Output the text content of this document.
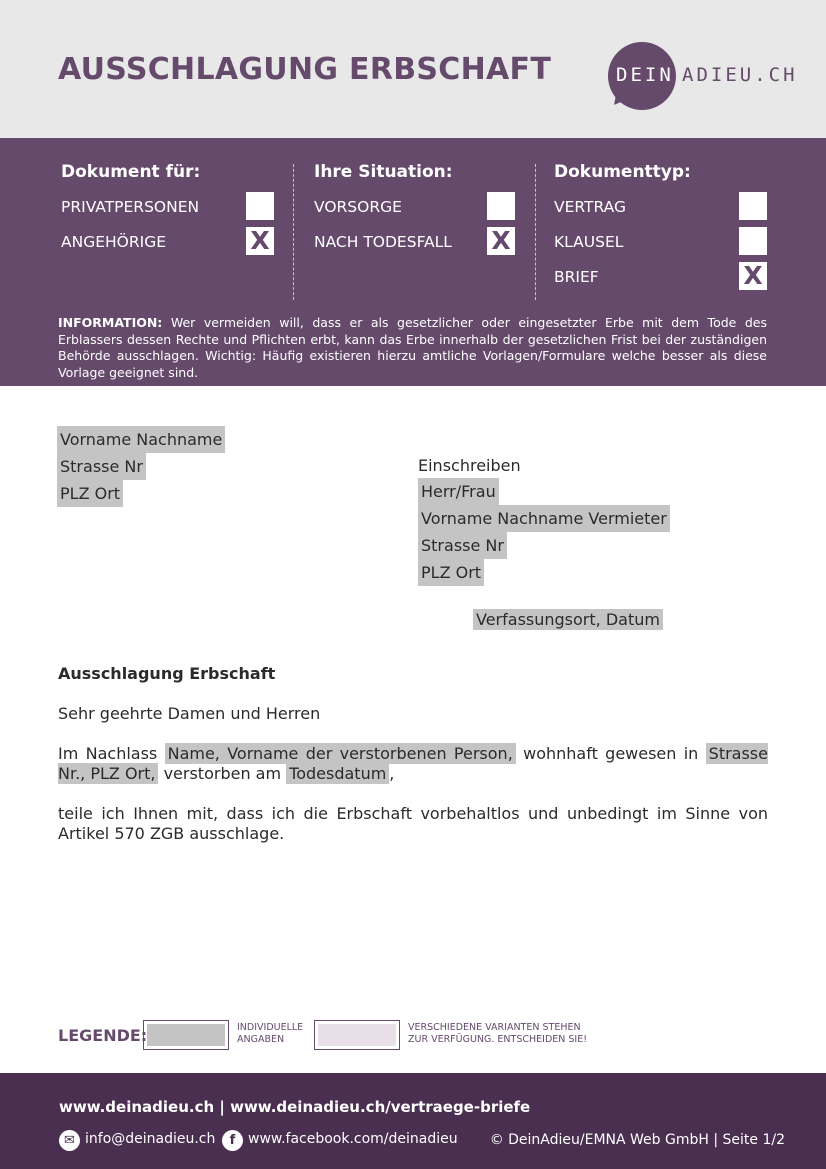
AUSSCHLAGUNG ERBSCHAFT	DEIN ADIEU.CH
Dokument für:
PRIVATPERSONEN
ANGEHÖRIGE	X
Ihre Situation:
VORSORGE
NACH TODESFALL X
Dokumenttyp:
VERTRAG
KLAUSEL
BRIEF	X

INFORMATION: Wer vermeiden will, dass er als gesetzlicher oder eingesetzter Erbe mit dem Tode des Erblassers dessen Rechte und Pflichten erbt, kann das Erbe innerhalb der gesetzlichen Frist bei der zuständigen Behörde ausschlagen. Wichtig: Häufig existieren hierzu amtliche Vorlagen/Formulare welche besser als diese Vorlage geeignet sind.

Vorname Nachname
Strasse Nr
PLZ Ort
Einschreiben
Herr/Frau
Vorname Nachname Vermieter
Strasse Nr
PLZ Ort
Verfassungsort, Datum
Ausschlagung Erbschaft
Sehr geehrte Damen und Herren

Im Nachlass Name, Vorname der verstorbenen Person, wohnhaft gewesen in Strasse Nr., PLZ Ort, verstorben am Todesdatum ,

teile ich Ihnen mit, dass ich die Erbschaft vorbehaltlos und unbedingt im Sinne von Artikel 570 ZGB ausschlage.

LEGENDE:	INDIVIDUELLE
ANGABEN
VERSCHIEDENE VARIANTEN STEHEN
ZUR VERFÜGUNG. ENTSCHEIDEN SIE!
www.deinadieu.ch | www.deinadieu.ch/vertraege-briefe
✉ info@deinadieu.ch	f www.facebook.com/deinadieu © DeinAdieu/EMNA Web GmbH | Seite 1/2
